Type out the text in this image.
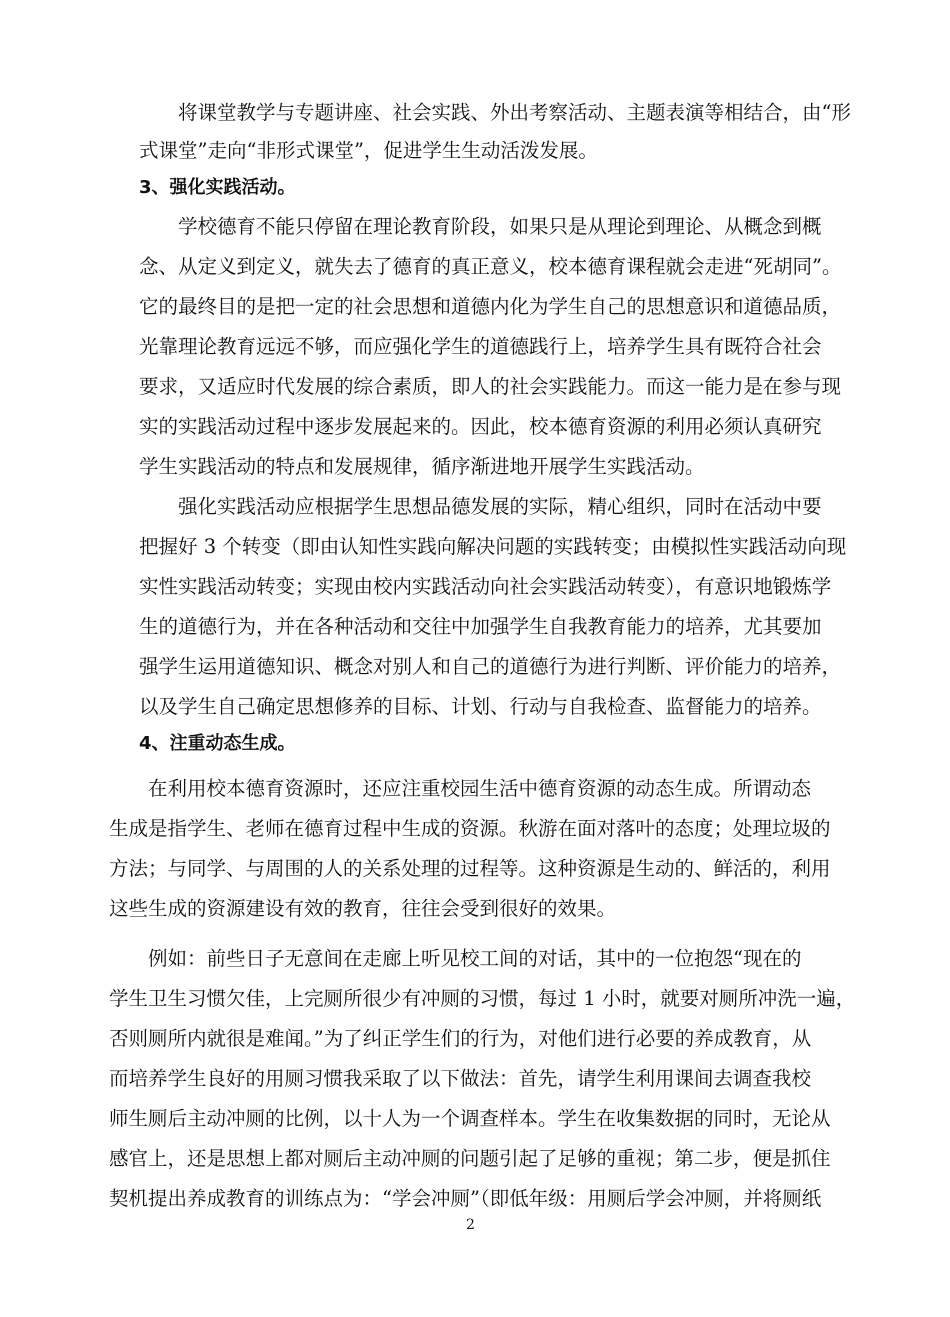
将课堂教学与专题讲座、社会实践、外出考察活动、主题表演等相结合，由“形
式课堂”走向“非形式课堂”，促进学生生动活泼发展。
3、强化实践活动。
学校德育不能只停留在理论教育阶段，如果只是从理论到理论、从概念到概
念、从定义到定义，就失去了德育的真正意义，校本德育课程就会走进“死胡同”。
它的最终目的是把一定的社会思想和道德内化为学生自己的思想意识和道德品质，
光靠理论教育远远不够，而应强化学生的道德践行上，培养学生具有既符合社会
要求，又适应时代发展的综合素质，即人的社会实践能力。而这一能力是在参与现
实的实践活动过程中逐步发展起来的。因此，校本德育资源的利用必须认真研究
学生实践活动的特点和发展规律，循序渐进地开展学生实践活动。
强化实践活动应根据学生思想品德发展的实际，精心组织，同时在活动中要
把握好 3 个转变（即由认知性实践向解决问题的实践转变；由模拟性实践活动向现
实性实践活动转变；实现由校内实践活动向社会实践活动转变），有意识地锻炼学
生的道德行为，并在各种活动和交往中加强学生自我教育能力的培养，尤其要加
强学生运用道德知识、概念对别人和自己的道德行为进行判断、评价能力的培养，
以及学生自己确定思想修养的目标、计划、行动与自我检查、监督能力的培养。
4、注重动态生成。
在利用校本德育资源时，还应注重校园生活中德育资源的动态生成。所谓动态
生成是指学生、老师在德育过程中生成的资源。秋游在面对落叶的态度；处理垃圾的
方法；与同学、与周围的人的关系处理的过程等。这种资源是生动的、鲜活的，利用
这些生成的资源建设有效的教育，往往会受到很好的效果。
例如：前些日子无意间在走廊上听见校工间的对话，其中的一位抱怨“现在的
学生卫生习惯欠佳，上完厕所很少有冲厕的习惯，每过 1 小时，就要对厕所冲洗一遍，
否则厕所内就很是难闻。”为了纠正学生们的行为，对他们进行必要的养成教育，从
而培养学生良好的用厕习惯我采取了以下做法：首先，请学生利用课间去调查我校
师生厕后主动冲厕的比例，以十人为一个调查样本。学生在收集数据的同时，无论从
感官上，还是思想上都对厕后主动冲厕的问题引起了足够的重视；第二步，便是抓住
契机提出养成教育的训练点为：“学会冲厕”（即低年级：用厕后学会冲厕，并将厕纸
2
